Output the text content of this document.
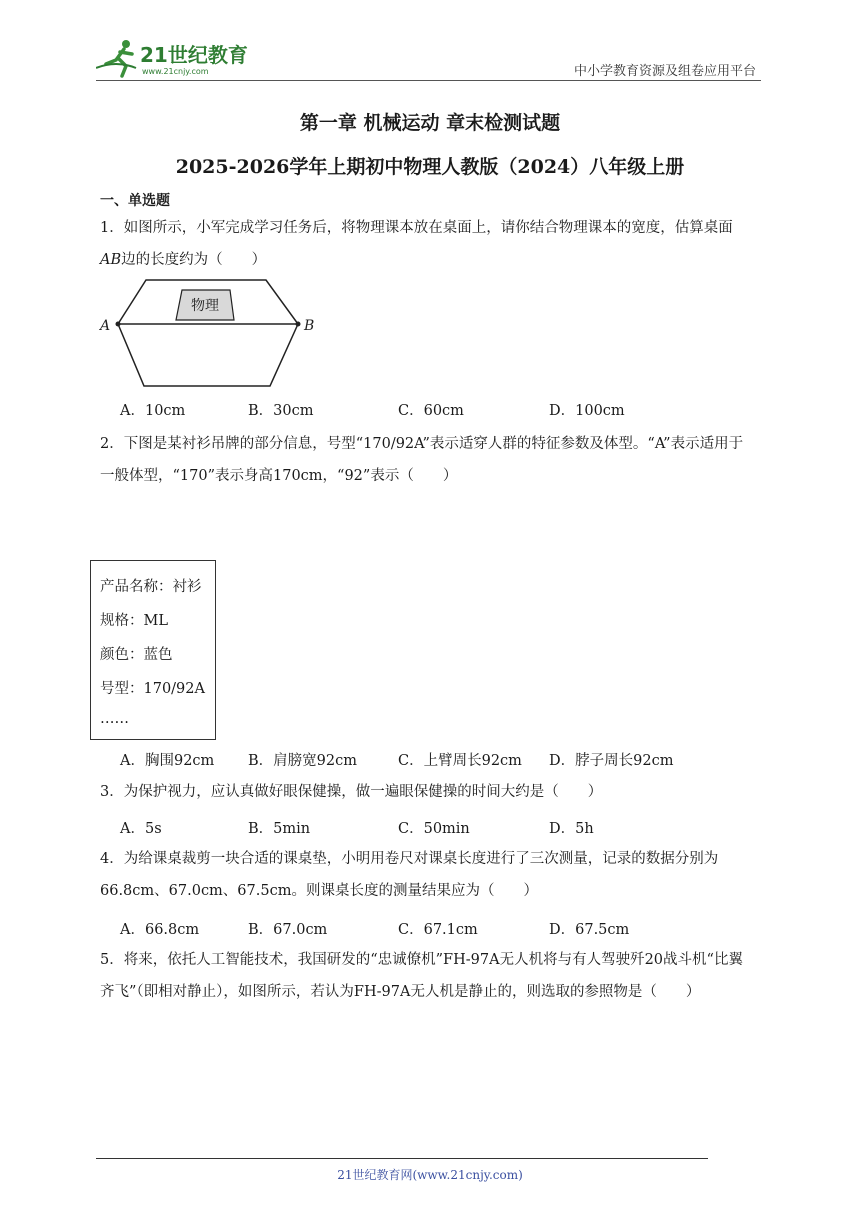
21世纪教育
www.21cnjy.com	中小学教育资源及组卷应用平台
第一章 机械运动 章末检测试题
2025-2026学年上期初中物理人教版（2024）八年级上册
一、单选题
1．如图所示，小军完成学习任务后，将物理课本放在桌面上，请你结合物理课本的宽度，估算桌面
AB边的长度约为（　　）
物理
A	B
A．10cm	B．30cm	C．60cm	D．100cm
2．下图是某衬衫吊牌的部分信息，号型“170/92A”表示适穿人群的特征参数及体型。“A”表示适用于
一般体型，“170”表示身高170cm，“92”表示（　　）
产品名称：衬衫
规格：ML
颜色：蓝色
号型：170/92A
……
A．胸围92cm B．肩膀宽92cm	C．上臂周长92cm D．脖子周长92cm
3．为保护视力，应认真做好眼保健操，做一遍眼保健操的时间大约是（　　）
A．5s	B．5min	C．50min	D．5h
4．为给课桌裁剪一块合适的课桌垫，小明用卷尺对课桌长度进行了三次测量，记录的数据分别为
66.8cm、67.0cm、67.5cm。则课桌长度的测量结果应为（　　）
A．66.8cm	B．67.0cm	C．67.1cm	D．67.5cm
5．将来，依托人工智能技术，我国研发的“忠诚僚机”FH-97A无人机将与有人驾驶歼20战斗机“比翼
齐飞”（即相对静止），如图所示，若认为FH-97A无人机是静止的，则选取的参照物是（　　）
21世纪教育网(www.21cnjy.com)
